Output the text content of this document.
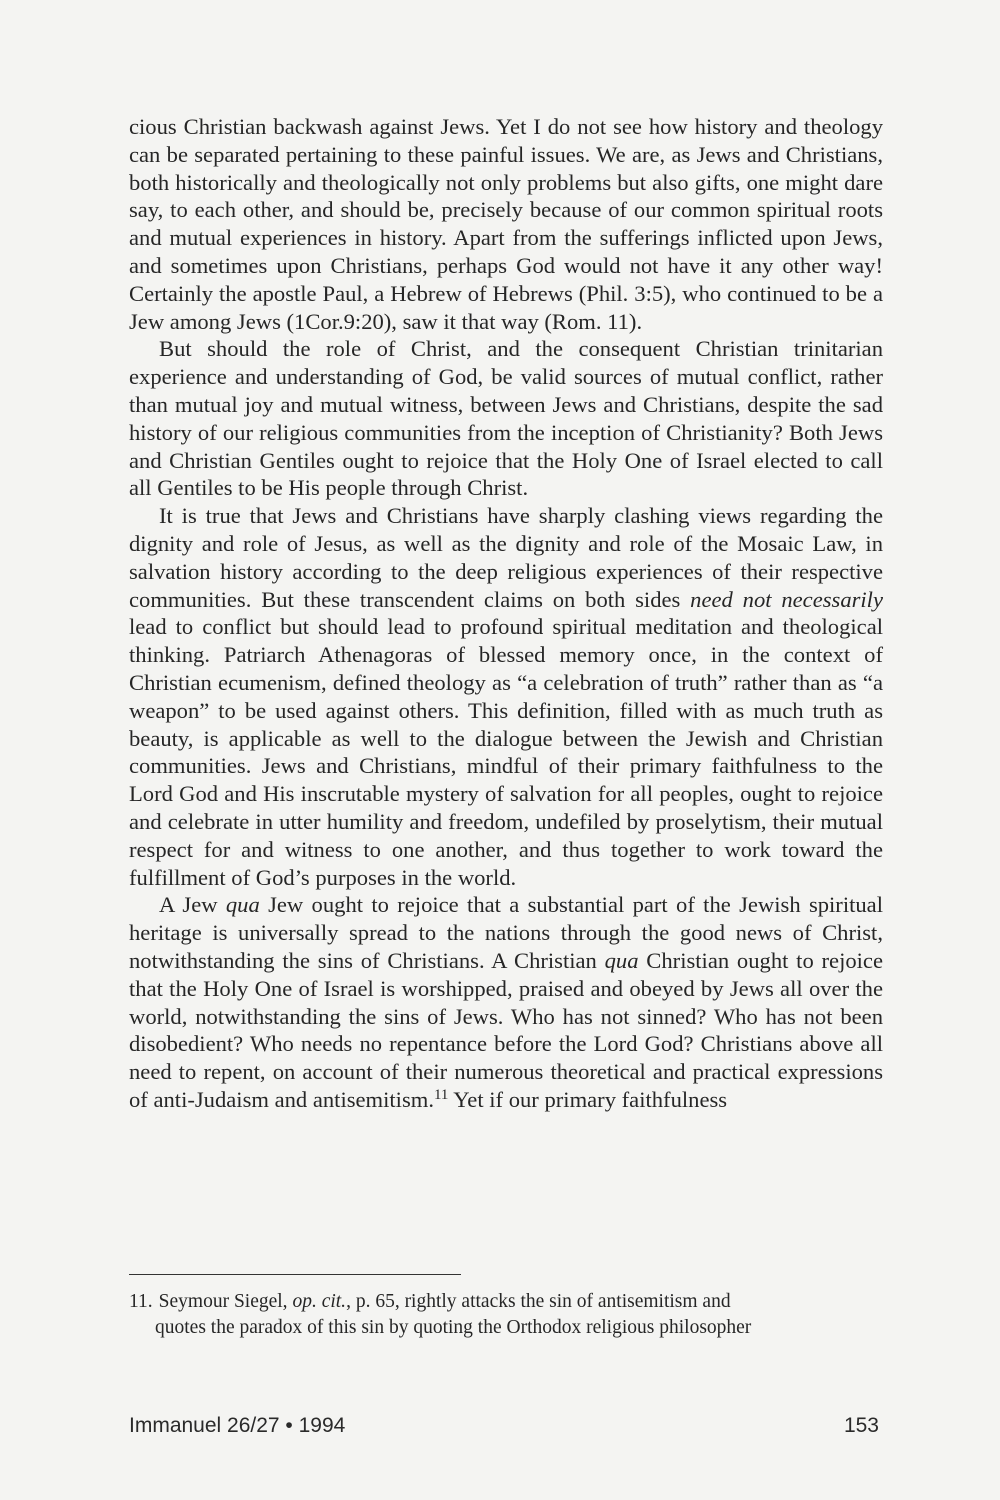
cious Christian backwash against Jews. Yet I do not see how history and theology can be separated pertaining to these painful issues. We are, as Jews and Christians, both historically and theologically not only problems but also gifts, one might dare say, to each other, and should be, precisely because of our common spiritual roots and mutual experiences in history. Apart from the sufferings inflicted upon Jews, and sometimes upon Christians, perhaps God would not have it any other way! Certainly the apostle Paul, a Hebrew of Hebrews (Phil. 3:5), who continued to be a Jew among Jews (1Cor.9:20), saw it that way (Rom. 11).

But should the role of Christ, and the consequent Christian trinitarian experience and understanding of God, be valid sources of mutual conflict, rather than mutual joy and mutual witness, between Jews and Christians, despite the sad history of our religious communities from the inception of Christianity? Both Jews and Christian Gentiles ought to rejoice that the Holy One of Israel elected to call all Gentiles to be His people through Christ.

It is true that Jews and Christians have sharply clashing views regarding the dignity and role of Jesus, as well as the dignity and role of the Mosaic Law, in salvation history according to the deep religious experiences of their respective communities. But these transcendent claims on both sides need not necessarily lead to conflict but should lead to profound spiritual meditation and theological thinking. Patriarch Athenagoras of blessed memory once, in the context of Christian ecumenism, defined theology as “a celebration of truth” rather than as “a weapon” to be used against others. This definition, filled with as much truth as beauty, is applicable as well to the dialogue between the Jewish and Christian communities. Jews and Christians, mindful of their primary faithfulness to the Lord God and His inscrutable mystery of salvation for all peoples, ought to rejoice and celebrate in utter humility and freedom, undefiled by proselytism, their mutual respect for and witness to one another, and thus together to work toward the fulfillment of God’s purposes in the world.

A Jew qua Jew ought to rejoice that a substantial part of the Jewish spiritual heritage is universally spread to the nations through the good news of Christ, notwithstanding the sins of Christians. A Christian qua Christian ought to rejoice that the Holy One of Israel is worshipped, praised and obeyed by Jews all over the world, notwithstanding the sins of Jews. Who has not sinned? Who has not been disobedient? Who needs no repentance before the Lord God? Christians above all need to repent, on account of their numerous theoretical and practical expressions of anti-Judaism and antisemitism.$^{11}$ Yet if our primary faithfulness

11. Seymour Siegel, op. cit., p. 65, rightly attacks the sin of antisemitism and
quotes the paradox of this sin by quoting the Orthodox religious philosopher
Immanuel 26/27 • 1994	153
